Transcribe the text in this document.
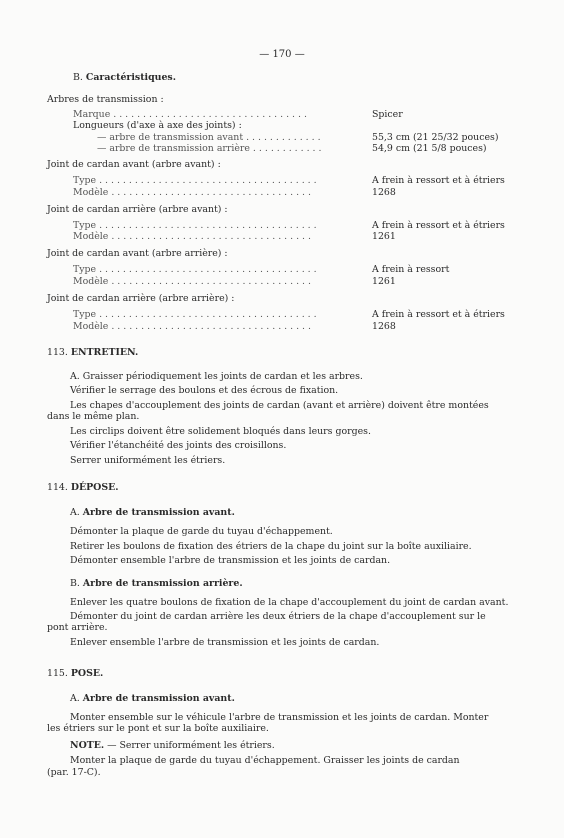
— 170 —
B. Caractéristiques.
Arbres de transmission :
Marque . . . . . . . . . . . . . . . . . . . . . . . . . . . . . . . . .	Spicer
Longueurs (d'axe à axe des joints) :
— arbre de transmission avant . . . . . . . . . . . . .	55,3 cm (21 25/32 pouces)
— arbre de transmission arrière . . . . . . . . . . . .	54,9 cm (21 5/8 pouces)
Joint de cardan avant (arbre avant) :
Type . . . . . . . . . . . . . . . . . . . . . . . . . . . . . . . . . . . . .	A frein à ressort et à étriers
Modèle . . . . . . . . . . . . . . . . . . . . . . . . . . . . . . . . . .	1268
Joint de cardan arrière (arbre avant) :
Type . . . . . . . . . . . . . . . . . . . . . . . . . . . . . . . . . . . . .	A frein à ressort et à étriers
Modèle . . . . . . . . . . . . . . . . . . . . . . . . . . . . . . . . . .	1261
Joint de cardan avant (arbre arrière) :
Type . . . . . . . . . . . . . . . . . . . . . . . . . . . . . . . . . . . . .	A frein à ressort
Modèle . . . . . . . . . . . . . . . . . . . . . . . . . . . . . . . . . .	1261
Joint de cardan arrière (arbre arrière) :
Type . . . . . . . . . . . . . . . . . . . . . . . . . . . . . . . . . . . . .	A frein à ressort et à étriers
Modèle . . . . . . . . . . . . . . . . . . . . . . . . . . . . . . . . . .	1268
113. ENTRETIEN.
A. Graisser périodiquement les joints de cardan et les arbres.
Vérifier le serrage des boulons et des écrous de fixation.
Les chapes d'accouplement des joints de cardan (avant et arrière) doivent être montées
dans le même plan.
Les circlips doivent être solidement bloqués dans leurs gorges.
Vérifier l'étanchéité des joints des croisillons.
Serrer uniformément les étriers.
114. DÉPOSE.
A. Arbre de transmission avant.
Démonter la plaque de garde du tuyau d'échappement.
Retirer les boulons de fixation des étriers de la chape du joint sur la boîte auxiliaire.
Démonter ensemble l'arbre de transmission et les joints de cardan.
B. Arbre de transmission arrière.
Enlever les quatre boulons de fixation de la chape d'accouplement du joint de cardan avant.
Démonter du joint de cardan arrière les deux étriers de la chape d'accouplement sur le
pont arrière.
Enlever ensemble l'arbre de transmission et les joints de cardan.
115. POSE.
A. Arbre de transmission avant.
Monter ensemble sur le véhicule l'arbre de transmission et les joints de cardan. Monter
les étriers sur le pont et sur la boîte auxiliaire.
NOTE. — Serrer uniformément les étriers.
Monter la plaque de garde du tuyau d'échappement. Graisser les joints de cardan
(par. 17-C).
